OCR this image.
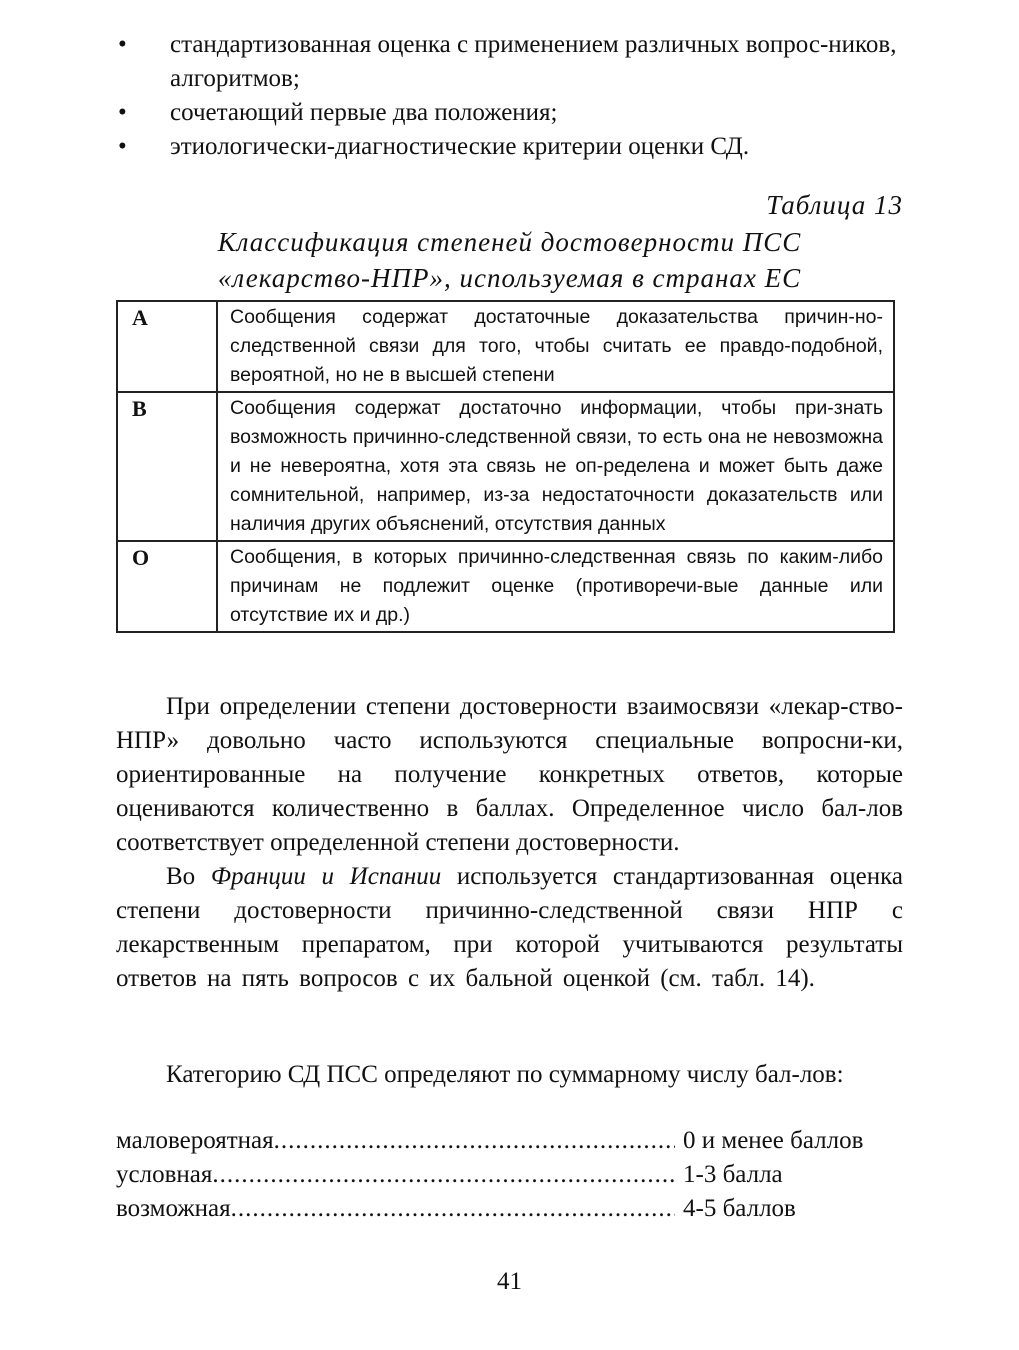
• стандартизованная оценка с применением различных вопрос-ников, алгоритмов;
• сочетающий первые два положения;
• этиологически-диагностические критерии оценки СД.
Таблица 13
Классификация степеней достоверности ПСС
«лекарство-НПР», используемая в странах ЕС
A	Сообщения содержат достаточные доказательства причин-но-следственной связи для того, чтобы считать ее правдо-подобной, вероятной, но не в высшей степени
B	Сообщения содержат достаточно информации, чтобы при-знать возможность причинно-следственной связи, то есть она не невозможна и не невероятна, хотя эта связь не оп-ределена и может быть даже сомнительной, например, из-за недостаточности доказательств или наличия других объяснений, отсутствия данных
O	Сообщения, в которых причинно-следственная связь по каким-либо причинам не подлежит оценке (противоречи-вые данные или отсутствие их и др.)

При определении степени достоверности взаимосвязи «лекар-ство-НПР» довольно часто используются специальные вопросни-ки, ориентированные на получение конкретных ответов, которые оцениваются количественно в баллах. Определенное число бал-лов соответствует определенной степени достоверности.

Во Франции и Испании используется стандартизованная оценка степени достоверности причинно-следственной связи НПР с лекарственным препаратом, при которой учитываются результаты ответов на пять вопросов с их бальной оценкой (см. табл. 14).

Категорию СД ПСС определяют по суммарному числу бал-лов:

маловероятная .....	0 и менее баллов
условная .....	1-3 балла
возможная .....	4-5 баллов
41
